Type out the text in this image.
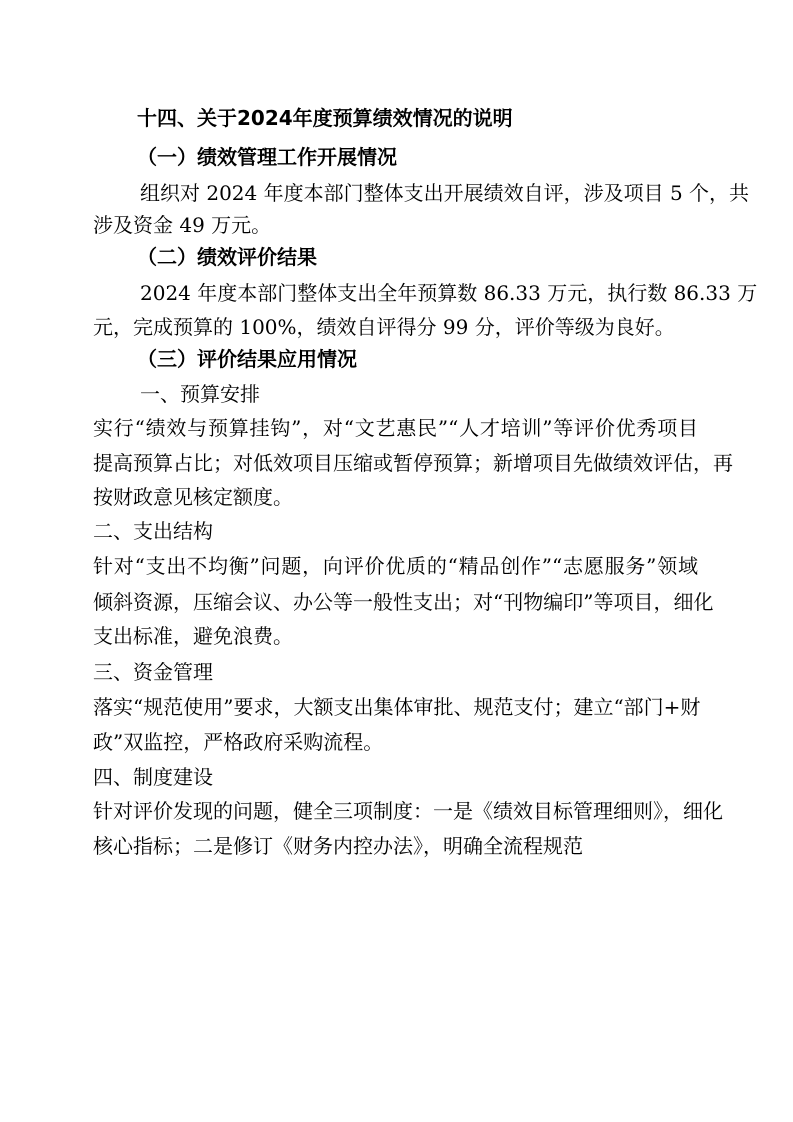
十四、关于2024年度预算绩效情况的说明
（一）绩效管理工作开展情况
组织对 2024 年度本部门整体支出开展绩效自评，涉及项目 5 个，共
涉及资金 49 万元。
（二）绩效评价结果
2024 年度本部门整体支出全年预算数 86.33 万元，执行数 86.33 万
元，完成预算的 100%，绩效自评得分 99 分，评价等级为良好。
（三）评价结果应用情况
一、预算安排
实行“绩效与预算挂钩”，对“文艺惠民”“人才培训”等评价优秀项目
提高预算占比；对低效项目压缩或暂停预算；新增项目先做绩效评估，再
按财政意见核定额度。
二、支出结构
针对“支出不均衡”问题，向评价优质的“精品创作”“志愿服务”领域
倾斜资源，压缩会议、办公等一般性支出；对“刊物编印”等项目，细化
支出标准，避免浪费。
三、资金管理
落实“规范使用”要求，大额支出集体审批、规范支付；建立“部门+财
政”双监控，严格政府采购流程。
四、制度建设
针对评价发现的问题，健全三项制度：一是《绩效目标管理细则》，细化
核心指标；二是修订《财务内控办法》，明确全流程规范
